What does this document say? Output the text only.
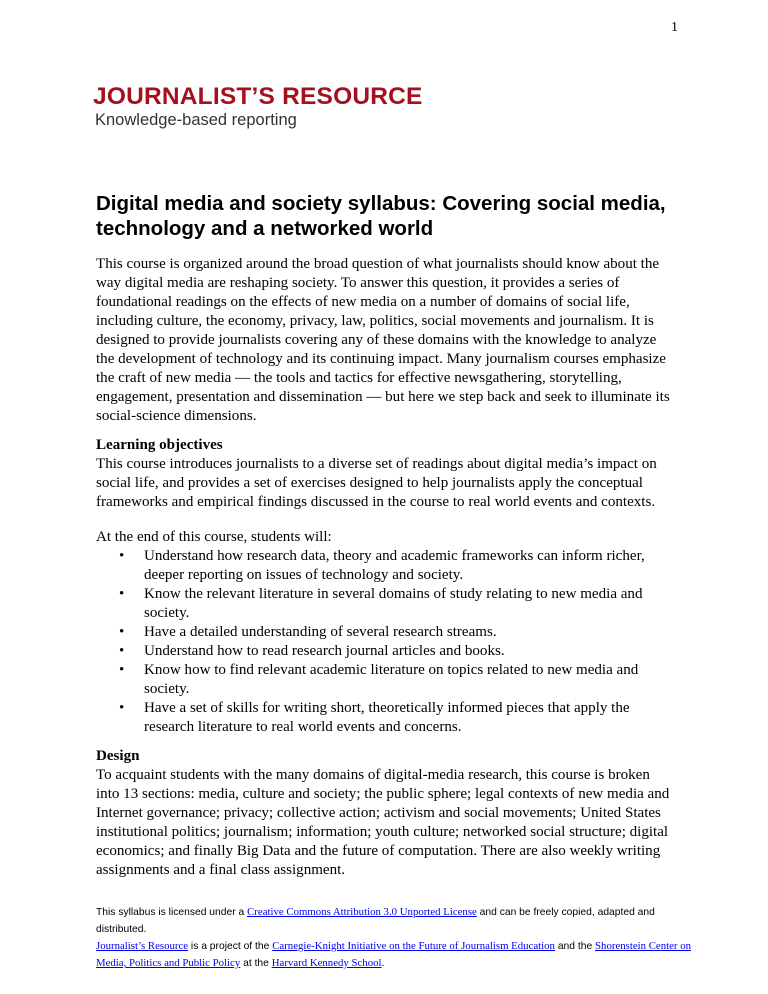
1
JOURNALIST’S RESOURCE
Knowledge-based reporting
Digital media and society syllabus: Covering social media, technology and a networked world

This course is organized around the broad question of what journalists should know about the way digital media are reshaping society. To answer this question, it provides a series of foundational readings on the effects of new media on a number of domains of social life, including culture, the economy, privacy, law, politics, social movements and journalism. It is designed to provide journalists covering any of these domains with the knowledge to analyze the development of technology and its continuing impact. Many journalism courses emphasize the craft of new media — the tools and tactics for effective newsgathering, storytelling, engagement, presentation and dissemination — but here we step back and seek to illuminate its social-science dimensions.

Learning objectives

This course introduces journalists to a diverse set of readings about digital media’s impact on social life, and provides a set of exercises designed to help journalists apply the conceptual frameworks and empirical findings discussed in the course to real world events and contexts.

At the end of this course, students will:

• Understand how research data, theory and academic frameworks can inform richer, deeper reporting on issues of technology and society.
• Know the relevant literature in several domains of study relating to new media and society.
• Have a detailed understanding of several research streams.
• Understand how to read research journal articles and books.
• Know how to find relevant academic literature on topics related to new media and society.
• Have a set of skills for writing short, theoretically informed pieces that apply the research literature to real world events and concerns.
Design

To acquaint students with the many domains of digital-media research, this course is broken into 13 sections: media, culture and society; the public sphere; legal contexts of new media and Internet governance; privacy; collective action; activism and social movements; United States institutional politics; journalism; information; youth culture; networked social structure; digital economics; and finally Big Data and the future of computation. There are also weekly writing assignments and a final class assignment.

This syllabus is licensed under a Creative Commons Attribution 3.0 Unported License and can be freely copied, adapted and distributed.
Journalist’s Resource is a project of the Carnegie-Knight Initiative on the Future of Journalism Education and the Shorenstein Center on Media, Politics and Public Policy at the Harvard Kennedy School.
